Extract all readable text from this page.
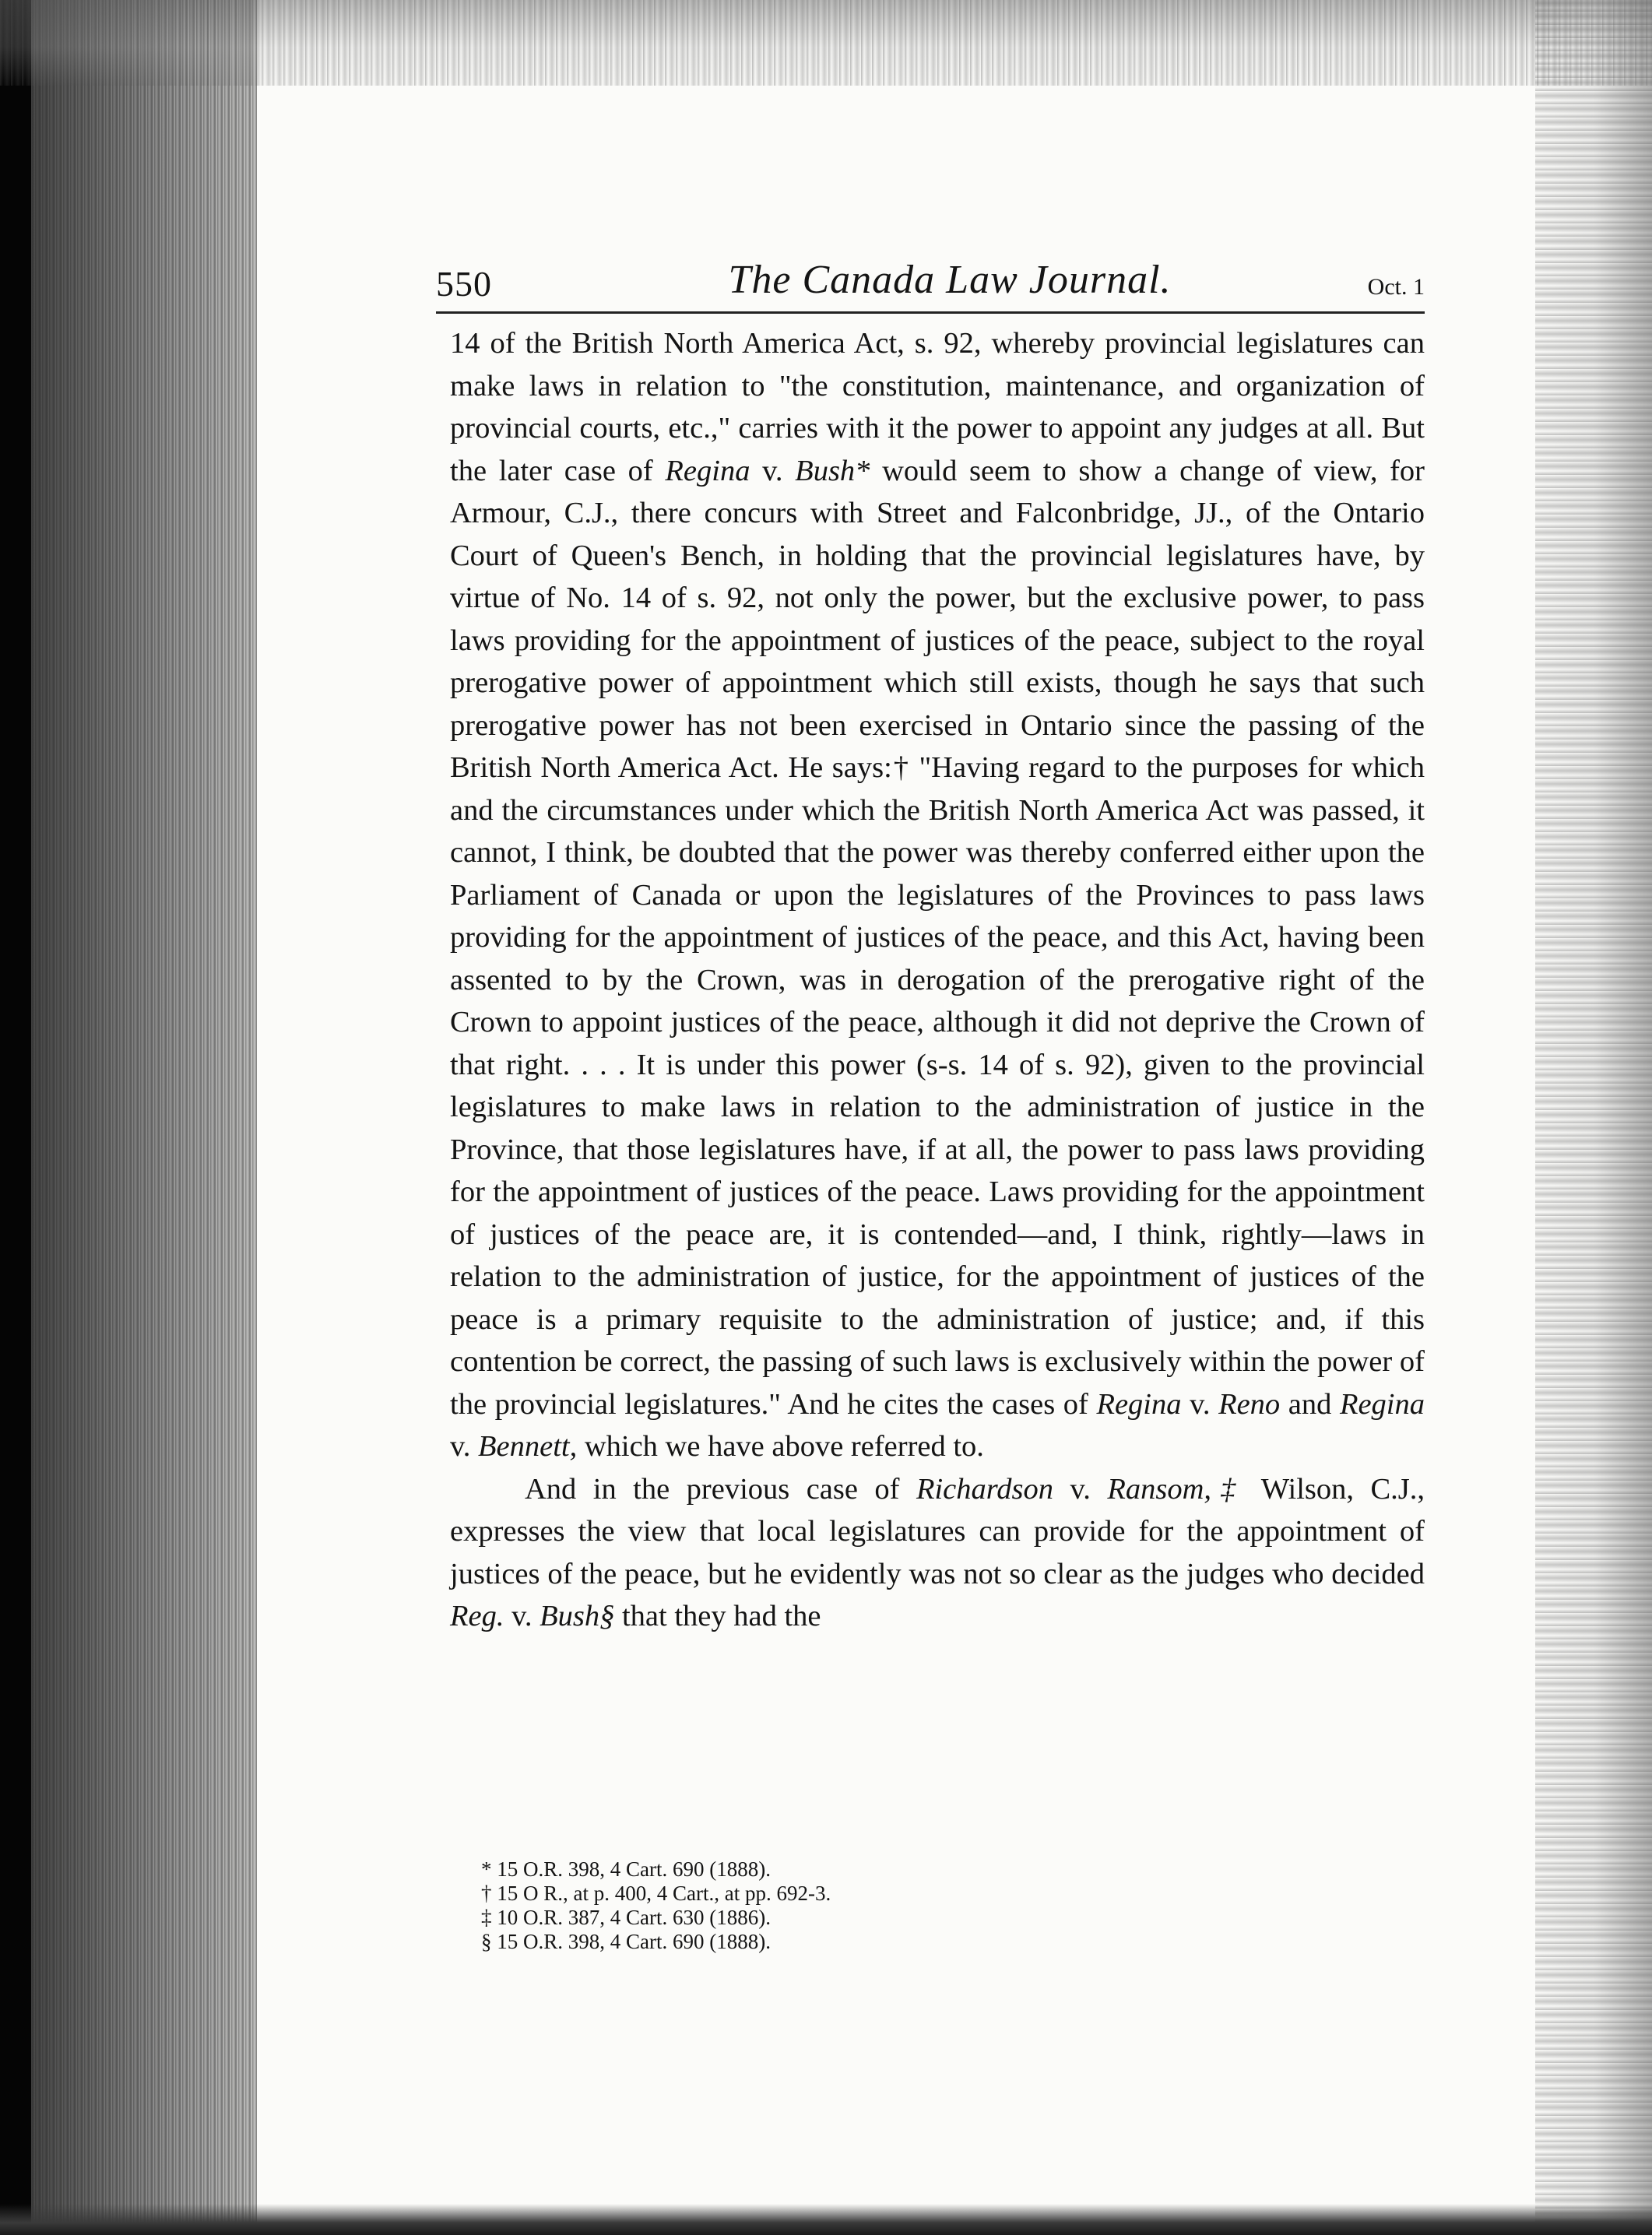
550	The Canada Law Journal.	Oct. 1

14 of the British North America Act, s. 92, whereby provincial legislatures can make laws in relation to "the constitution, maintenance, and organization of provincial courts, etc.," carries with it the power to appoint any judges at all. But the later case of Regina v. Bush* would seem to show a change of view, for Armour, C.J., there concurs with Street and Falconbridge, JJ., of the Ontario Court of Queen's Bench, in holding that the provincial legislatures have, by virtue of No. 14 of s. 92, not only the power, but the exclusive power, to pass laws providing for the appointment of justices of the peace, subject to the royal prerogative power of appointment which still exists, though he says that such prerogative power has not been exercised in Ontario since the passing of the British North America Act. He says:† "Having regard to the purposes for which and the circumstances under which the British North America Act was passed, it cannot, I think, be doubted that the power was thereby conferred either upon the Parliament of Canada or upon the legislatures of the Provinces to pass laws providing for the appointment of justices of the peace, and this Act, having been assented to by the Crown, was in derogation of the prerogative right of the Crown to appoint justices of the peace, although it did not deprive the Crown of that right. . . . It is under this power (s-s. 14 of s. 92), given to the provincial legislatures to make laws in relation to the administration of justice in the Province, that those legislatures have, if at all, the power to pass laws providing for the appointment of justices of the peace. Laws providing for the appointment of justices of the peace are, it is contended—and, I think, rightly—laws in relation to the administration of justice, for the appointment of justices of the peace is a primary requisite to the administration of justice; and, if this contention be correct, the passing of such laws is exclusively within the power of the provincial legislatures." And he cites the cases of Regina v. Reno and Regina v. Bennett, which we have above referred to.

And in the previous case of Richardson v. Ransom,‡ Wilson, C.J., expresses the view that local legislatures can provide for the appointment of justices of the peace, but he evidently was not so clear as the judges who decided Reg. v. Bush§ that they had the

* 15 O.R. 398, 4 Cart. 690 (1888).
† 15 O R., at p. 400, 4 Cart., at pp. 692-3.
‡ 10 O.R. 387, 4 Cart. 630 (1886).
§ 15 O.R. 398, 4 Cart. 690 (1888).
